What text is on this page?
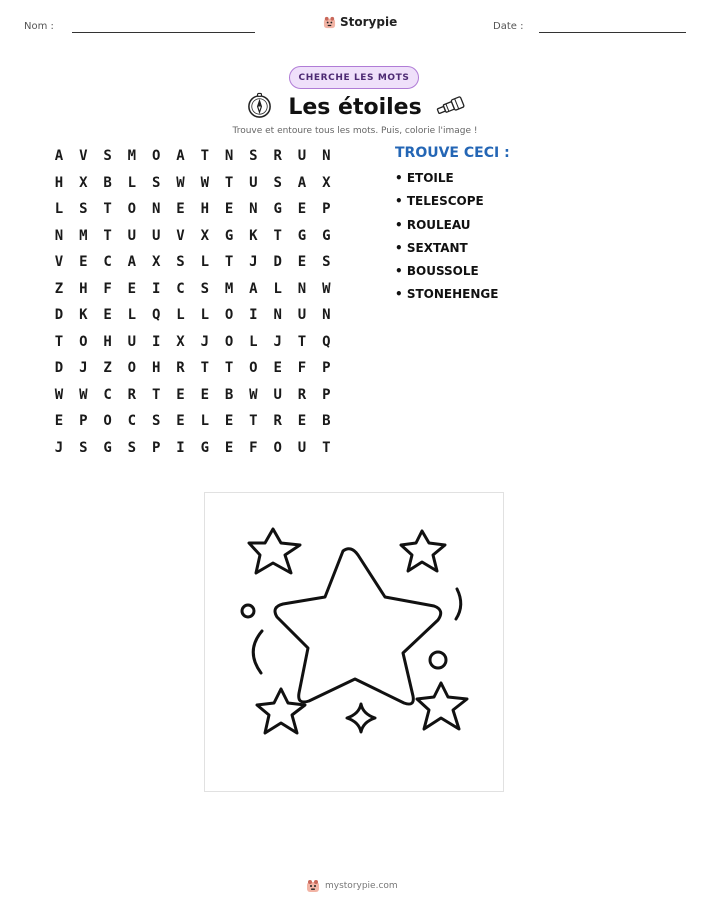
Nom :	Storypie	Date :
CHERCHE LES MOTS
Les étoiles
Trouve et entoure tous les mots. Puis, colorie l'image !
A	V	S	M	O	A	T	N	S	R	U	N
H	X	B	L	S	W	W	T	U	S	A	X
L	S	T	O	N	E	H	E	N	G	E	P
N	M	T	U	U	V	X	G	K	T	G	G
V	E	C	A	X	S	L	T	J	D	E	S
Z	H	F	E	I	C	S	M	A	L	N	W
D	K	E	L	Q	L	L	O	I	N	U	N
T	O	H	U	I	X	J	O	L	J	T	Q
D	J	Z	O	H	R	T	T	O	E	F	P
W	W	C	R	T	E	E	B	W	U	R	P
E	P	O	C	S	E	L	E	T	R	E	B
J	S	G	S	P	I	G	E	F	O	U	T
TROUVE CECI :
• ETOILE
• TELESCOPE
• ROULEAU
• SEXTANT
• BOUSSOLE
• STONEHENGE
mystorypie.com
